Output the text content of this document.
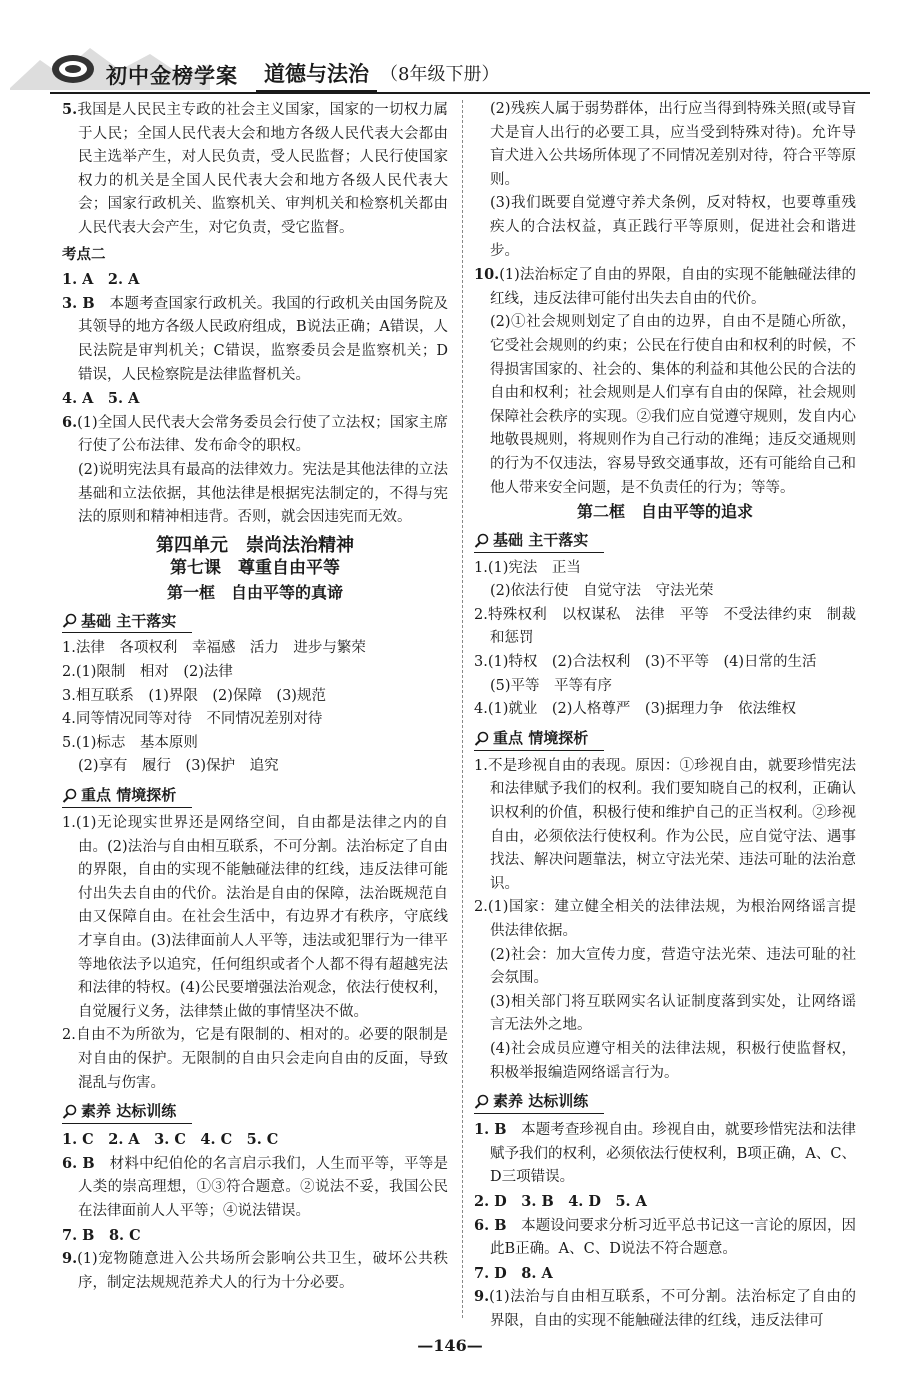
初中金榜学案	道德与法治 （8年级下册）

5.我国是人民民主专政的社会主义国家，国家的一切权力属于人民；全国人民代表大会和地方各级人民代表大会都由民主选举产生，对人民负责，受人民监督；人民行使国家权力的机关是全国人民代表大会和地方各级人民代表大会；国家行政机关、监察机关、审判机关和检察机关都由人民代表大会产生，对它负责，受它监督。

考点二

1. A　2. A

3. B　 本题考查国家行政机关。我国的行政机关由国务院及其领导的地方各级人民政府组成，B说法正确；A错误，人民法院是审判机关；C错误，监察委员会是监察机关；D错误，人民检察院是法律监督机关。

4. A　5. A

6.(1)全国人民代表大会常务委员会行使了立法权；国家主席行使了公布法律、发布命令的职权。

(2)说明宪法具有最高的法律效力。宪法是其他法律的立法基础和立法依据，其他法律是根据宪法制定的，不得与宪法的原则和精神相违背。否则，就会因违宪而无效。

第四单元　崇尚法治精神

第七课　尊重自由平等

第一框　自由平等的真谛

基础 主干落实

1.法律　各项权利　幸福感　活力　进步与繁荣

2.(1)限制　相对　(2)法律

3.相互联系　(1)界限　(2)保障　(3)规范

4.同等情况同等对待　不同情况差别对待

5.(1)标志　基本原则

(2)享有　履行　(3)保护　追究

重点 情境探析

1.(1)无论现实世界还是网络空间，自由都是法律之内的自由。(2)法治与自由相互联系，不可分割。法治标定了自由的界限，自由的实现不能触碰法律的红线，违反法律可能付出失去自由的代价。法治是自由的保障，法治既规范自由又保障自由。在社会生活中，有边界才有秩序，守底线才享自由。(3)法律面前人人平等，违法或犯罪行为一律平等地依法予以追究，任何组织或者个人都不得有超越宪法和法律的特权。(4)公民要增强法治观念，依法行使权利，自觉履行义务，法律禁止做的事情坚决不做。

2.自由不为所欲为，它是有限制的、相对的。必要的限制是对自由的保护。无限制的自由只会走向自由的反面，导致混乱与伤害。

素养 达标训练

1. C　2. A　3. C　4. C　5. C

6. B　 材料中纪伯伦的名言启示我们，人生而平等，平等是人类的崇高理想，①③符合题意。②说法不妥，我国公民在法律面前人人平等；④说法错误。

7. B　8. C

9.(1)宠物随意进入公共场所会影响公共卫生，破坏公共秩序，制定法规规范养犬人的行为十分必要。

(2)残疾人属于弱势群体，出行应当得到特殊关照(或导盲犬是盲人出行的必要工具，应当受到特殊对待)。允许导盲犬进入公共场所体现了不同情况差别对待，符合平等原则。

(3)我们既要自觉遵守养犬条例，反对特权，也要尊重残疾人的合法权益，真正践行平等原则，促进社会和谐进步。

10.(1)法治标定了自由的界限，自由的实现不能触碰法律的红线，违反法律可能付出失去自由的代价。

(2)①社会规则划定了自由的边界，自由不是随心所欲，它受社会规则的约束；公民在行使自由和权利的时候，不得损害国家的、社会的、集体的利益和其他公民的合法的自由和权利；社会规则是人们享有自由的保障，社会规则保障社会秩序的实现。②我们应自觉遵守规则，发自内心地敬畏规则，将规则作为自己行动的准绳；违反交通规则的行为不仅违法，容易导致交通事故，还有可能给自己和他人带来安全问题，是不负责任的行为；等等。

第二框　自由平等的追求

基础 主干落实

1.(1)宪法　正当

(2)依法行使　自觉守法　守法光荣

2.特殊权利　以权谋私　法律　平等　不受法律约束　制裁和惩罚

3.(1)特权　(2)合法权利　(3)不平等　(4)日常的生活

(5)平等　平等有序

4.(1)就业　(2)人格尊严　(3)据理力争　依法维权

重点 情境探析

1.不是珍视自由的表现。原因：①珍视自由，就要珍惜宪法和法律赋予我们的权利。我们要知晓自己的权利，正确认识权利的价值，积极行使和维护自己的正当权利。②珍视自由，必须依法行使权利。作为公民，应自觉守法、遇事找法、解决问题靠法，树立守法光荣、违法可耻的法治意识。

2.(1)国家：建立健全相关的法律法规，为根治网络谣言提供法律依据。

(2)社会：加大宣传力度，营造守法光荣、违法可耻的社会氛围。

(3)相关部门将互联网实名认证制度落到实处，让网络谣言无法外之地。

(4)社会成员应遵守相关的法律法规，积极行使监督权，积极举报编造网络谣言行为。

素养 达标训练

1. B　 本题考查珍视自由。珍视自由，就要珍惜宪法和法律赋予我们的权利，必须依法行使权利，B项正确，A、C、D三项错误。

2. D　3. B　4. D　5. A

6. B　 本题设问要求分析习近平总书记这一言论的原因，因此B正确。A、C、D说法不符合题意。

7. D　8. A

9.(1)法治与自由相互联系，不可分割。法治标定了自由的界限，自由的实现不能触碰法律的红线，违反法律可

—146—
